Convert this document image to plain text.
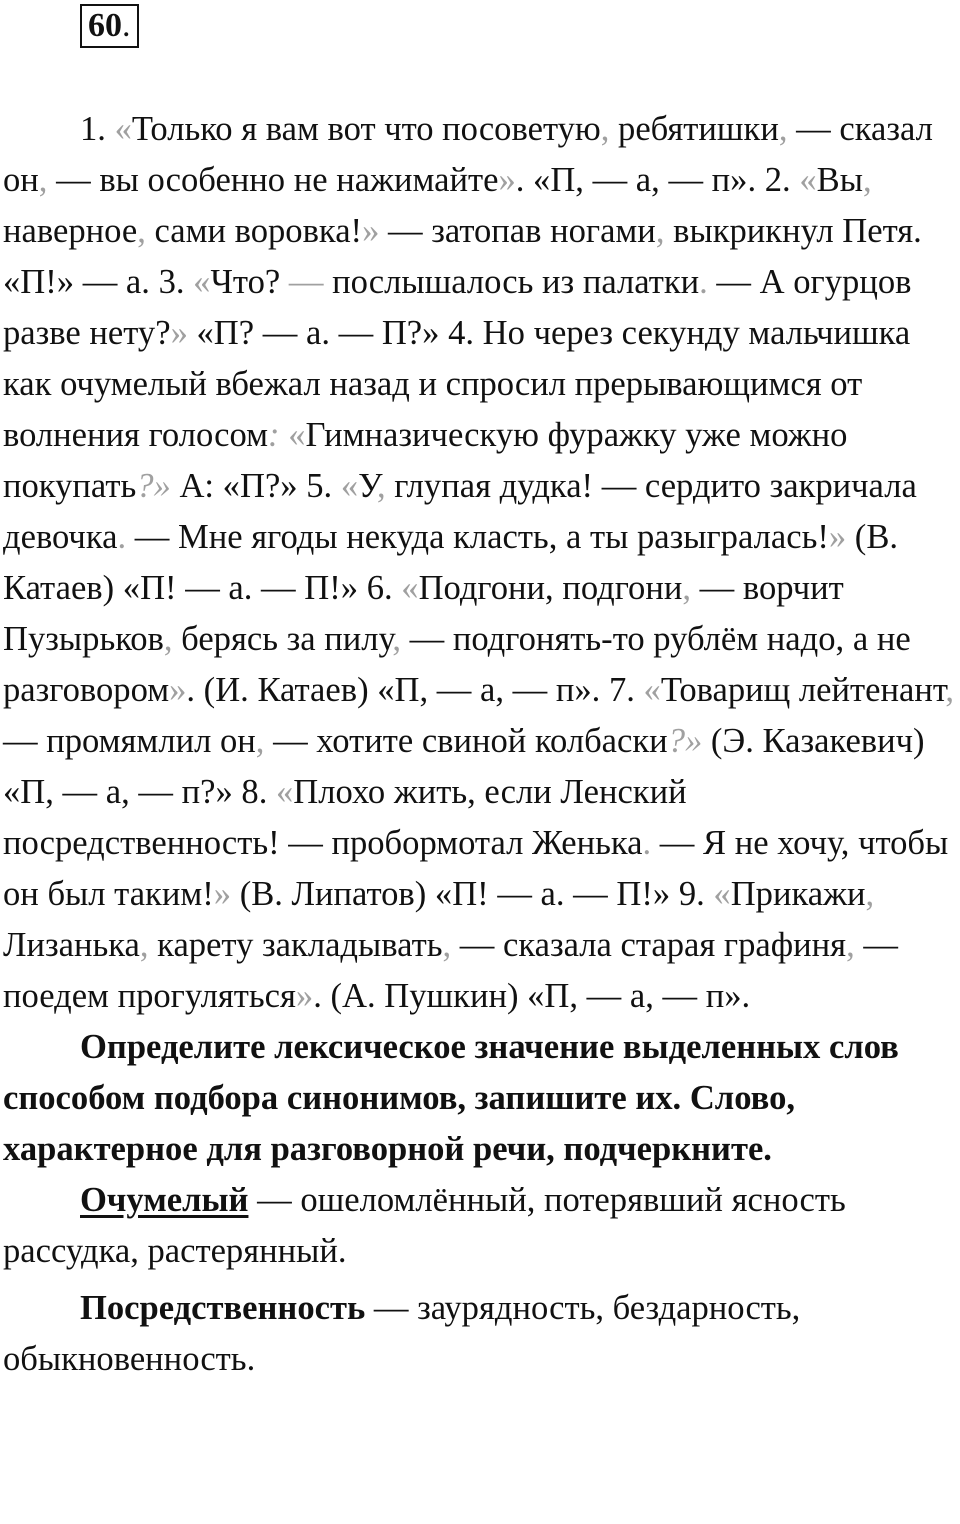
60 .

1. «Только я вам вот что посоветую, ребятишки, — сказал он, — вы особенно не нажимайте». «П, — а, — п». 2. «Вы, наверное, сами воровка!» — затопав ногами, выкрикнул Петя. «П!» — а. 3. «Что? — послышалось из палатки. — А огурцов разве нету?» «П? — а. — П?» 4. Но через секунду мальчишка как очумелый вбежал назад и спросил прерывающимся от волнения голосом: «Гимназическую фуражку уже можно покупать?» А: «П?» 5. «У, глупая дудка! — сердито закричала девочка. — Мне ягоды некуда класть, а ты разыгралась!» (В. Катаев) «П! — а. — П!» 6. «Подгони, подгони, — ворчит Пузырьков, берясь за пилу, — подгонять-то рублём надо, а не разговором». (И. Катаев) «П, — а, — п». 7. «Товарищ лейтенант, — промямлил он, — хотите свиной колбаски?» (Э. Казакевич) «П, — а, — п?» 8. «Плохо жить, если Ленский посредственность! — пробормотал Женька. — Я не хочу, чтобы он был таким!» (В. Липатов) «П! — а. — П!» 9. «Прикажи, Лизанька, карету закладывать, — сказала старая графиня, — поедем прогуляться». (А. Пушкин) «П, — а, — п».

Определите лексическое значение выделенных слов способом подбора синонимов, запишите их. Слово, характерное для разговорной речи, подчеркните.

Очумелый — ошеломлённый, потерявший ясность рассудка, растерянный.

Посредственность — заурядность, бездарность, обыкновенность.
